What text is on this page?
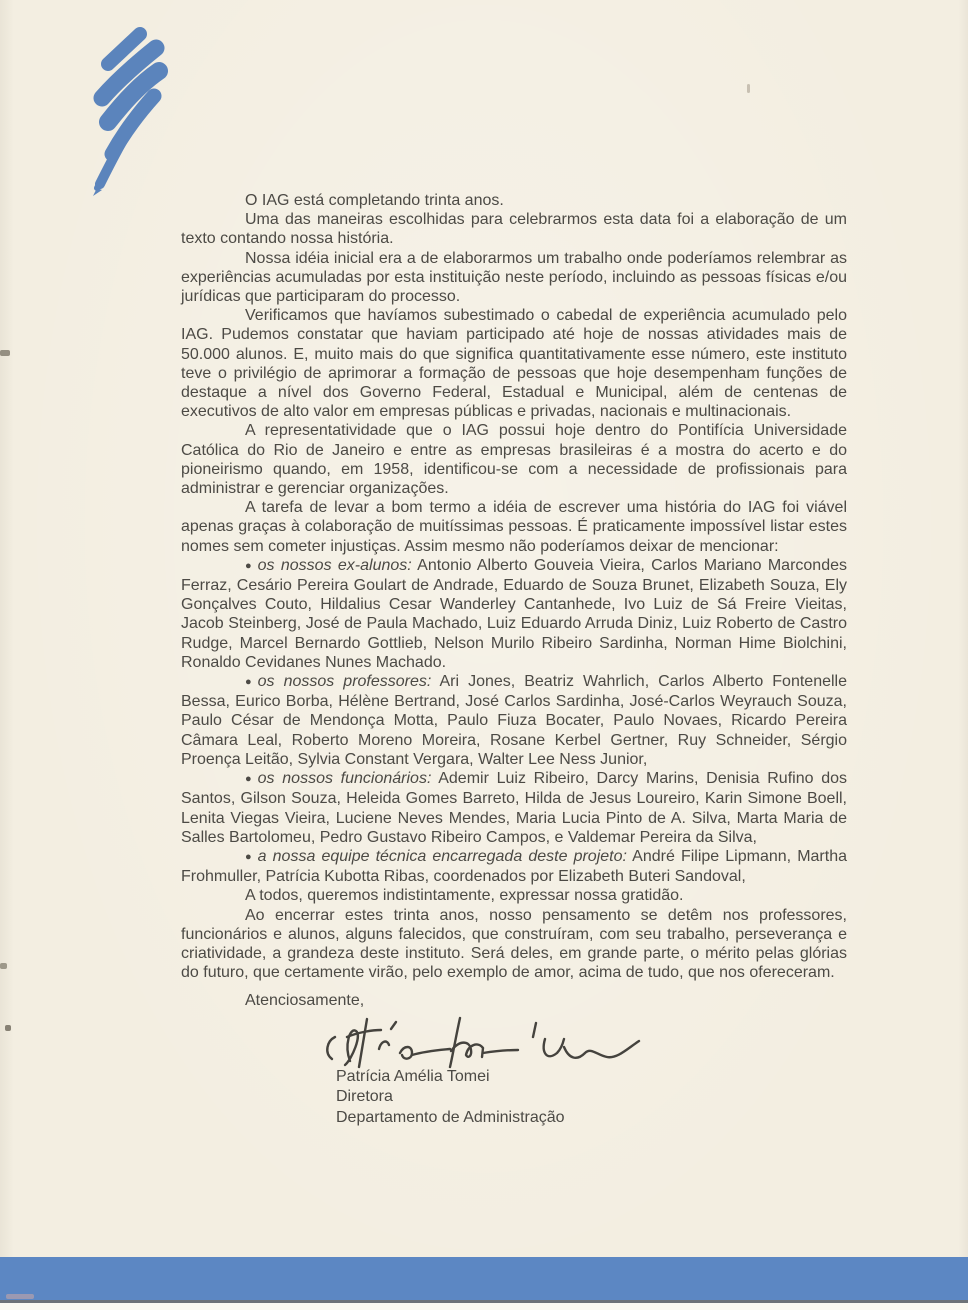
O IAG está completando trinta anos.

Uma das maneiras escolhidas para celebrarmos esta data foi a elaboração de um texto contando nossa história.

Nossa idéia inicial era a de elaborarmos um trabalho onde poderíamos relembrar as experiências acumuladas por esta instituição neste período, incluindo as pessoas físicas e/ou jurídicas que participaram do processo.

Verificamos que havíamos subestimado o cabedal de experiência acumulado pelo IAG. Pudemos constatar que haviam participado até hoje de nossas atividades mais de 50.000 alunos. E, muito mais do que significa quantitativamente esse número, este instituto teve o privilégio de aprimorar a formação de pessoas que hoje desempenham funções de destaque a nível dos Governo Federal, Estadual e Municipal, além de centenas de executivos de alto valor em empresas públicas e privadas, nacionais e multinacionais.

A representatividade que o IAG possui hoje dentro do Pontifícia Universidade Católica do Rio de Janeiro e entre as empresas brasileiras é a mostra do acerto e do pioneirismo quando, em 1958, identificou-se com a necessidade de profissionais para administrar e gerenciar organizações.

A tarefa de levar a bom termo a idéia de escrever uma história do IAG foi viável apenas graças à colaboração de muitíssimas pessoas. É praticamente impossível listar estes nomes sem cometer injustiças. Assim mesmo não poderíamos deixar de mencionar:

● os nossos ex-alunos: Antonio Alberto Gouveia Vieira, Carlos Mariano Marcondes Ferraz, Cesário Pereira Goulart de Andrade, Eduardo de Souza Brunet, Elizabeth Souza, Ely Gonçalves Couto, Hildalius Cesar Wanderley Cantanhede, Ivo Luiz de Sá Freire Vieitas, Jacob Steinberg, José de Paula Machado, Luiz Eduardo Arruda Diniz, Luiz Roberto de Castro Rudge, Marcel Bernardo Gottlieb, Nelson Murilo Ribeiro Sardinha, Norman Hime Biolchini, Ronaldo Cevidanes Nunes Machado.

● os nossos professores: Ari Jones, Beatriz Wahrlich, Carlos Alberto Fontenelle Bessa, Eurico Borba, Hélène Bertrand, José Carlos Sardinha, José-Carlos Weyrauch Souza, Paulo César de Mendonça Motta, Paulo Fiuza Bocater, Paulo Novaes, Ricardo Pereira Câmara Leal, Roberto Moreno Moreira, Rosane Kerbel Gertner, Ruy Schneider, Sérgio Proença Leitão, Sylvia Constant Vergara, Walter Lee Ness Junior,

● os nossos funcionários: Ademir Luiz Ribeiro, Darcy Marins, Denisia Rufino dos Santos, Gilson Souza, Heleida Gomes Barreto, Hilda de Jesus Loureiro, Karin Simone Boell, Lenita Viegas Vieira, Luciene Neves Mendes, Maria Lucia Pinto de A. Silva, Marta Maria de Salles Bartolomeu, Pedro Gustavo Ribeiro Campos, e Valdemar Pereira da Silva,

● a nossa equipe técnica encarregada deste projeto: André Filipe Lipmann, Martha Frohmuller, Patrícia Kubotta Ribas, coordenados por Elizabeth Buteri Sandoval,

A todos, queremos indistintamente, expressar nossa gratidão.

Ao encerrar estes trinta anos, nosso pensamento se detêm nos professores, funcionários e alunos, alguns falecidos, que construíram, com seu trabalho, perseverança e criatividade, a grandeza deste instituto. Será deles, em grande parte, o mérito pelas glórias do futuro, que certamente virão, pelo exemplo de amor, acima de tudo, que nos ofereceram.

Atenciosamente,

Patrícia Amélia Tomei
Diretora
Departamento de Administração
